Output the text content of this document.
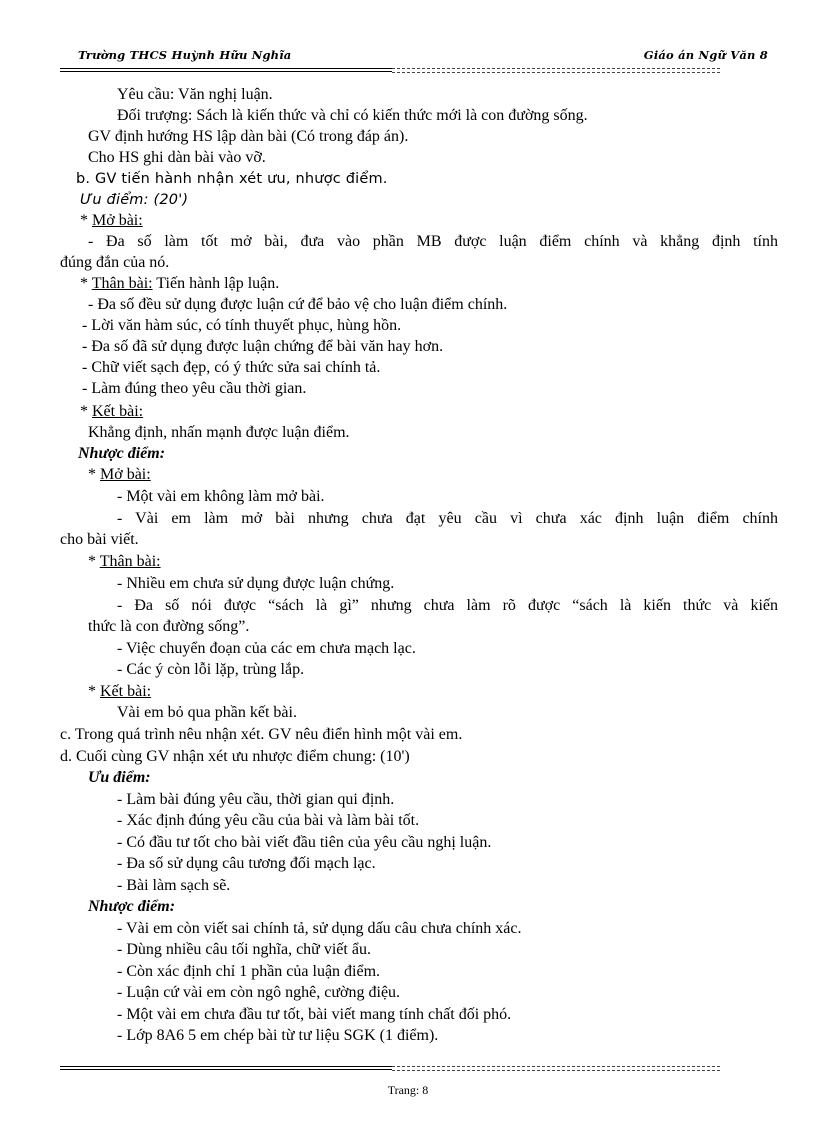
Trường THCS Huỳnh Hữu Nghĩa	Giáo án Ngữ Văn 8
Yêu cầu: Văn nghị luận.
Đối trượng: Sách là kiến thức và chỉ có kiến thức mới là con đường sống.
GV định hướng HS lập dàn bài (Có trong đáp án).
Cho HS ghi dàn bài vào vỡ.
b. GV tiến hành nhận xét ưu, nhược điểm.
Ưu điểm: (20')
* Mở bài:
- Đa số làm tốt mở bài, đưa vào phần MB được luận điểm chính và khẳng định tính
đúng đắn của nó.
* Thân bài: Tiến hành lập luận.
- Đa số đều sử dụng được luận cứ để bảo vệ cho luận điểm chính.
- Lời văn hàm súc, có tính thuyết phục, hùng hồn.
- Đa số đã sử dụng được luận chứng để bài văn hay hơn.
- Chữ viết sạch đẹp, có ý thức sửa sai chính tả.
- Làm đúng theo yêu cầu thời gian.
* Kết bài:
Khẳng định, nhấn mạnh được luận điểm.
Nhược điểm:
* Mở bài:
- Một vài em không làm mở bài.
- Vài em làm mở bài nhưng chưa đạt yêu cầu vì chưa xác định luận điểm chính
cho bài viết.
* Thân bài:
- Nhiều em chưa sử dụng được luận chứng.
- Đa số nói được “sách là gì” nhưng chưa làm rõ được “sách là kiến thức và kiến
thức là con đường sống”.
- Việc chuyển đoạn của các em chưa mạch lạc.
- Các ý còn lỗi lặp, trùng lắp.
* Kết bài:
Vài em bỏ qua phần kết bài.
c. Trong quá trình nêu nhận xét. GV nêu điển hình một vài em.
d. Cuối cùng GV nhận xét ưu nhược điểm chung: (10')
Ưu điểm:
- Làm bài đúng yêu cầu, thời gian qui định.
- Xác định đúng yêu cầu của bài và làm bài tốt.
- Có đầu tư tốt cho bài viết đầu tiên của yêu cầu nghị luận.
- Đa số sử dụng câu tương đối mạch lạc.
- Bài làm sạch sẽ.
Nhược điểm:
- Vài em còn viết sai chính tả, sử dụng dấu câu chưa chính xác.
- Dùng nhiều câu tối nghĩa, chữ viết ẩu.
- Còn xác định chỉ 1 phần của luận điểm.
- Luận cứ vài em còn ngô nghê, cường điệu.
- Một vài em chưa đầu tư tốt, bài viết mang tính chất đối phó.
- Lớp 8A6 5 em chép bài từ tư liệu SGK (1 điểm).
Trang: 8
